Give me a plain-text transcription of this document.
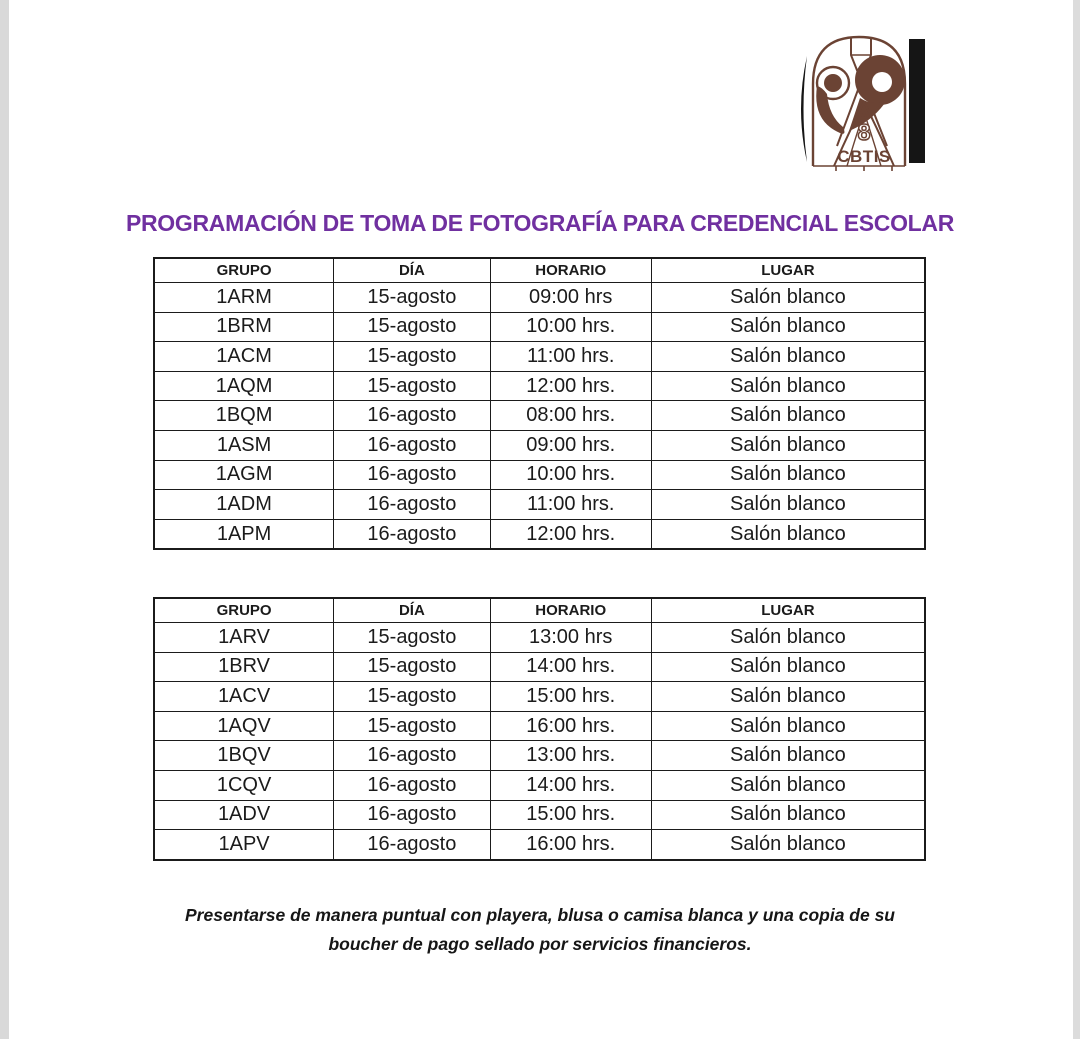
8
CBTIS
PROGRAMACIÓN DE TOMA DE FOTOGRAFÍA PARA CREDENCIAL ESCOLAR
GRUPO	DÍA	HORARIO	LUGAR
1ARM	15-agosto	09:00 hrs	Salón blanco
1BRM	15-agosto	10:00 hrs.	Salón blanco
1ACM	15-agosto	11:00 hrs.	Salón blanco
1AQM	15-agosto	12:00 hrs.	Salón blanco
1BQM	16-agosto	08:00 hrs.	Salón blanco
1ASM	16-agosto	09:00 hrs.	Salón blanco
1AGM	16-agosto	10:00 hrs.	Salón blanco
1ADM	16-agosto	11:00 hrs.	Salón blanco
1APM	16-agosto	12:00 hrs.	Salón blanco
GRUPO	DÍA	HORARIO	LUGAR
1ARV	15-agosto	13:00 hrs	Salón blanco
1BRV	15-agosto	14:00 hrs.	Salón blanco
1ACV	15-agosto	15:00 hrs.	Salón blanco
1AQV	15-agosto	16:00 hrs.	Salón blanco
1BQV	16-agosto	13:00 hrs.	Salón blanco
1CQV	16-agosto	14:00 hrs.	Salón blanco
1ADV	16-agosto	15:00 hrs.	Salón blanco
1APV	16-agosto	16:00 hrs.	Salón blanco

Presentarse de manera puntual con playera, blusa o camisa blanca y una copia de su
boucher de pago sellado por servicios financieros.
